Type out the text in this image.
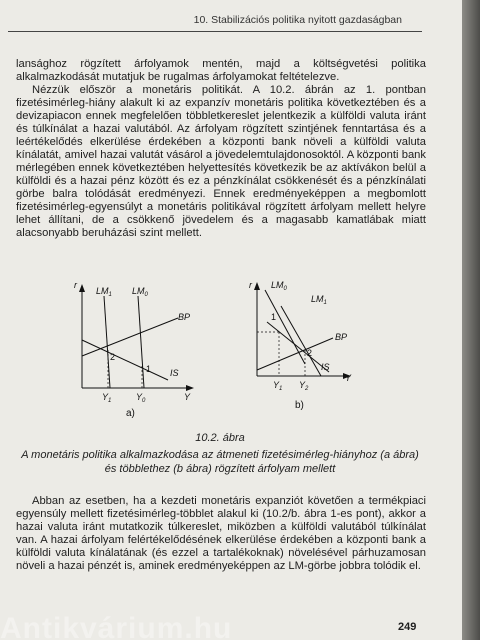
10. Stabilizációs politika nyitott gazdaságban

lansághoz rögzített árfolyamok mentén, majd a költségvetési politika alkalmazkodását mutatjuk be rugalmas árfolyamokat feltételezve.

Nézzük először a monetáris politikát. A 10.2. ábrán az 1. pontban fizetésimérleg-hiány alakult ki az expanzív monetáris politika következtében és a devizapiacon ennek megfelelően többletkereslet jelentkezik a külföldi valuta iránt és túlkínálat a hazai valutából. Az árfolyam rögzített szintjének fenntartása és a leértékelődés elkerülése érdekében a központi bank növeli a külföldi valuta kínálatát, amivel hazai valutát vásárol a jövedelemtulajdonosoktól. A központi bank mérlegében ennek következtében helyettesítés következik be az aktívákon belül a külföldi és a hazai pénz között és ez a pénzkínálat csökkenését és a pénzkínálati görbe balra tolódását eredményezi. Ennek eredményeképpen a megbomlott fizetésimérleg-egyensúlyt a monetáris politikával rögzített árfolyam mellett helyre lehet állítani, de a csökkenő jövedelem és a magasabb kamatlábak miatt alacsonyabb beruházási szint mellett.

r
Y
$LM_1$ $LM_0$
BP
IS
1
2
$Y_1$	$Y_0$
a)
r
Y
$LM_0$
$LM_1$
BP
IS
1
2
$Y_1$ $Y_2$
b)
10.2. ábra
A monetáris politika alkalmazkodása az átmeneti fizetésimérleg-hiányhoz (a ábra) és többlethez (b ábra) rögzített árfolyam mellett

Abban az esetben, ha a kezdeti monetáris expanziót követően a termékpiaci egyensúly mellett fizetésimérleg-többlet alakul ki (10.2/b. ábra 1-es pont), akkor a hazai valuta iránt mutatkozik túlkereslet, miközben a külföldi valutából túlkínálat van. A hazai árfolyam felértékelődésének elkerülése érdekében a központi bank a külföldi valuta kínálatának (és ezzel a tartalékoknak) növelésével párhuzamosan növeli a hazai pénzét is, aminek eredményeképpen az LM-görbe jobbra tolódik el.

249
Antikvárium.hu
